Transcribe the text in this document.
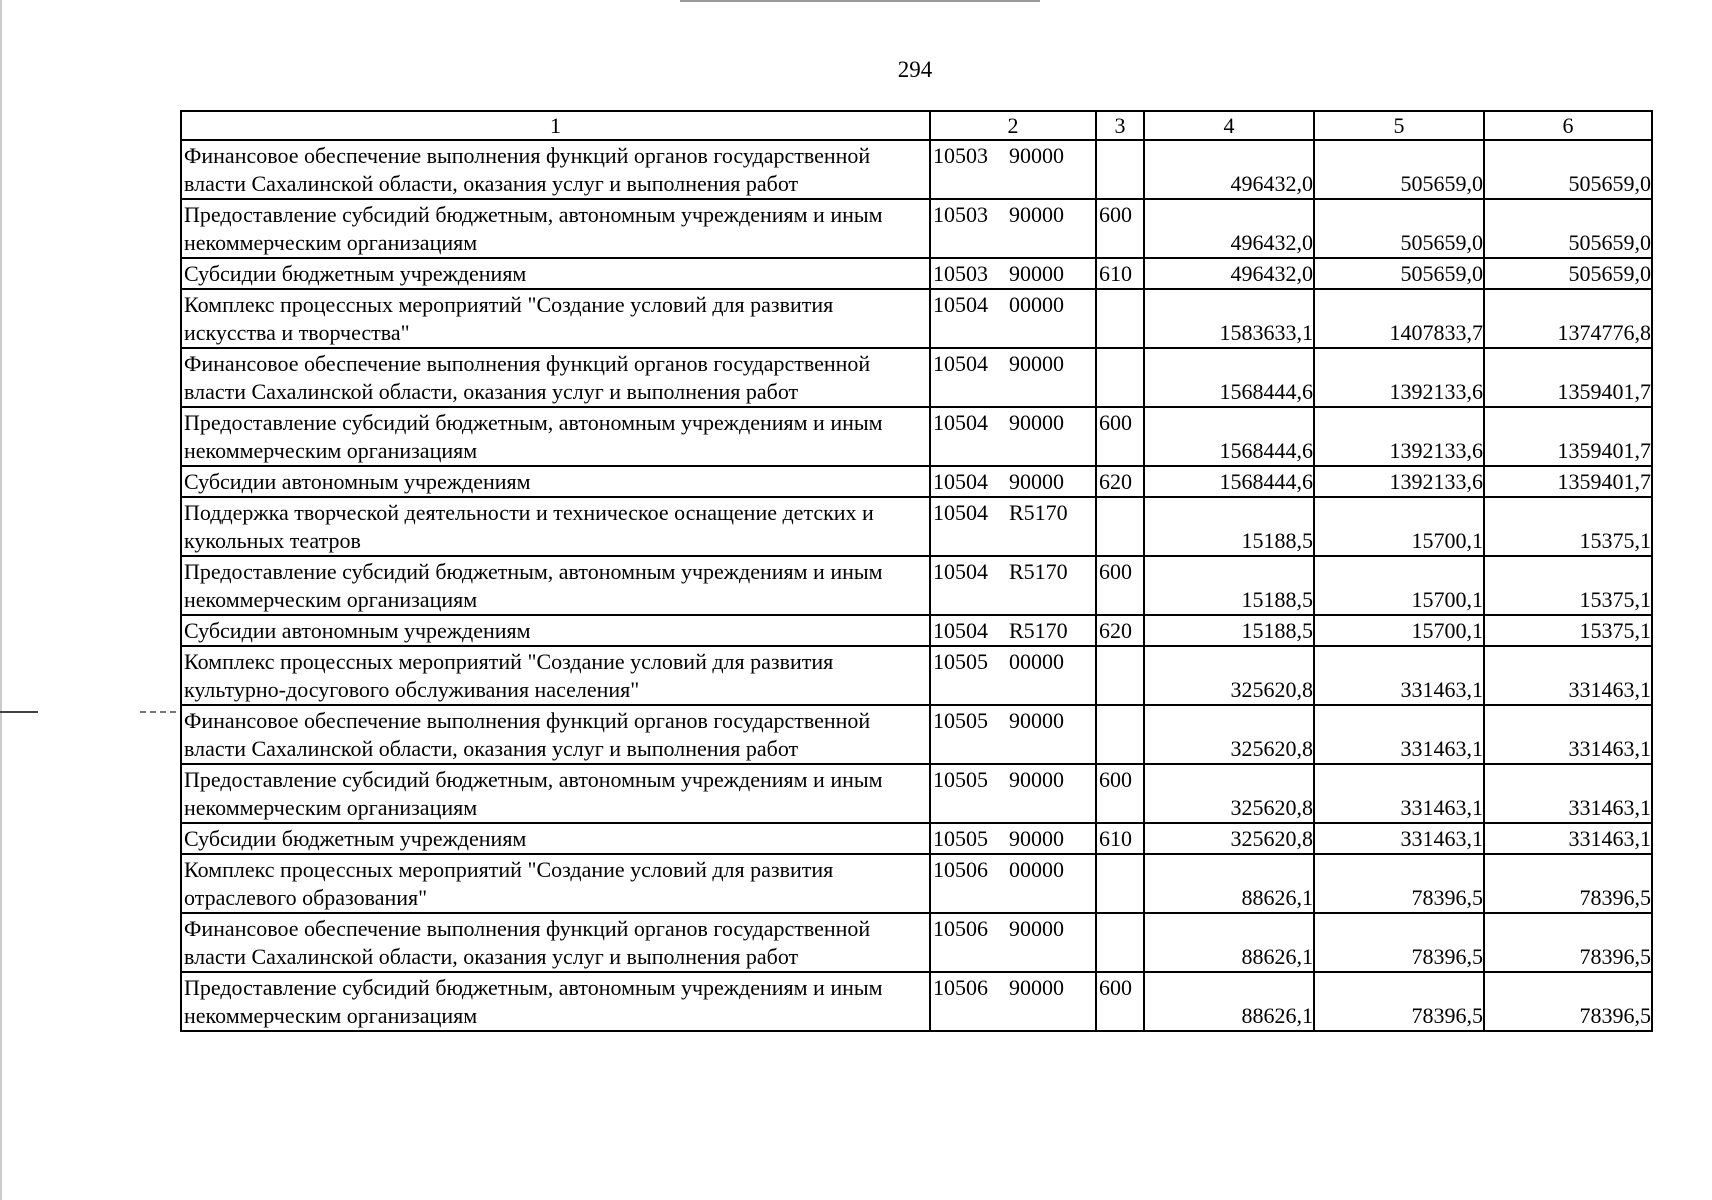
294
1	2	3	4	5	6
Финансовое обеспечение выполнения функций органов государственной власти Сахалинской области, оказания услуг и выполнения работ	10503 90000		496432,0	505659,0	505659,0
Предоставление субсидий бюджетным, автономным учреждениям и иным некоммерческим организациям	10503 90000	600	496432,0	505659,0	505659,0
Субсидии бюджетным учреждениям	10503 90000	610	496432,0	505659,0	505659,0
Комплекс процессных мероприятий "Создание условий для развития искусства и творчества"	10504 00000		1583633,1	1407833,7	1374776,8
Финансовое обеспечение выполнения функций органов государственной власти Сахалинской области, оказания услуг и выполнения работ	10504 90000		1568444,6	1392133,6	1359401,7
Предоставление субсидий бюджетным, автономным учреждениям и иным некоммерческим организациям	10504 90000	600	1568444,6	1392133,6	1359401,7
Субсидии автономным учреждениям	10504 90000	620	1568444,6	1392133,6	1359401,7
Поддержка творческой деятельности и техническое оснащение детских и кукольных театров	10504 R5170		15188,5	15700,1	15375,1
Предоставление субсидий бюджетным, автономным учреждениям и иным некоммерческим организациям	10504 R5170	600	15188,5	15700,1	15375,1
Субсидии автономным учреждениям	10504 R5170	620	15188,5	15700,1	15375,1
Комплекс процессных мероприятий "Создание условий для развития культурно-досугового обслуживания населения"	10505 00000		325620,8	331463,1	331463,1
Финансовое обеспечение выполнения функций органов государственной власти Сахалинской области, оказания услуг и выполнения работ	10505 90000		325620,8	331463,1	331463,1
Предоставление субсидий бюджетным, автономным учреждениям и иным некоммерческим организациям	10505 90000	600	325620,8	331463,1	331463,1
Субсидии бюджетным учреждениям	10505 90000	610	325620,8	331463,1	331463,1
Комплекс процессных мероприятий "Создание условий для развития отраслевого образования"	10506 00000		88626,1	78396,5	78396,5
Финансовое обеспечение выполнения функций органов государственной власти Сахалинской области, оказания услуг и выполнения работ	10506 90000		88626,1	78396,5	78396,5
Предоставление субсидий бюджетным, автономным учреждениям и иным некоммерческим организациям	10506 90000	600	88626,1	78396,5	78396,5
